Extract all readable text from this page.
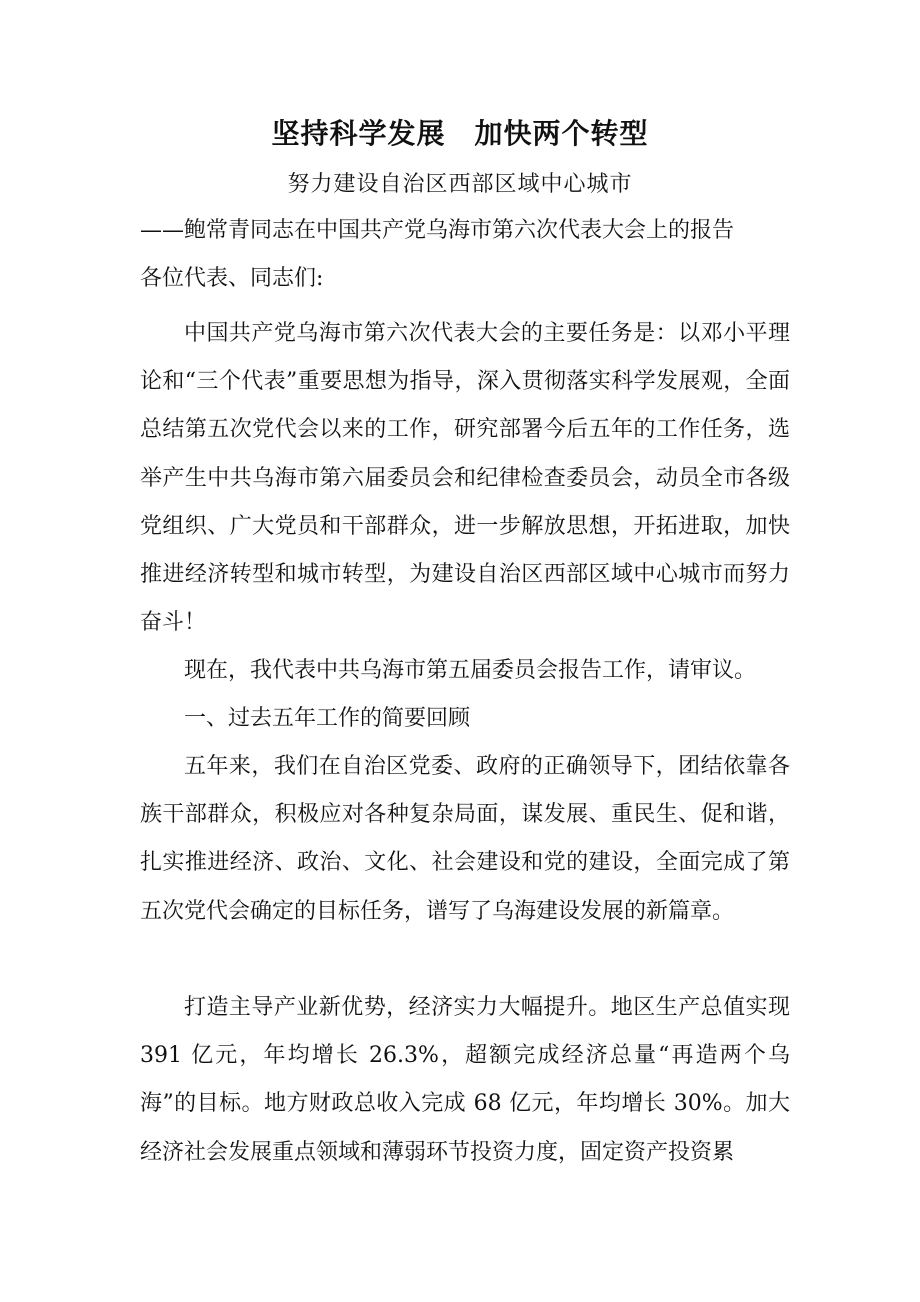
坚持科学发展　加快两个转型
努力建设自治区西部区域中心城市
——鲍常青同志在中国共产党乌海市第六次代表大会上的报告
各位代表、同志们:

中国共产党乌海市第六次代表大会的主要任务是：以邓小平理论和“三个代表”重要思想为指导，深入贯彻落实科学发展观，全面总结第五次党代会以来的工作，研究部署今后五年的工作任务，选举产生中共乌海市第六届委员会和纪律检查委员会，动员全市各级党组织、广大党员和干部群众，进一步解放思想，开拓进取，加快推进经济转型和城市转型，为建设自治区西部区域中心城市而努力奋斗！

现在，我代表中共乌海市第五届委员会报告工作，请审议。

一、过去五年工作的简要回顾

五年来，我们在自治区党委、政府的正确领导下，团结依靠各族干部群众，积极应对各种复杂局面，谋发展、重民生、促和谐，扎实推进经济、政治、文化、社会建设和党的建设，全面完成了第五次党代会确定的目标任务，谱写了乌海建设发展的新篇章。

打造主导产业新优势，经济实力大幅提升。地区生产总值实现 391 亿元，年均增长 26.3%，超额完成经济总量“再造两个乌海”的目标。地方财政总收入完成 68 亿元，年均增长 30%。加大经济社会发展重点领域和薄弱环节投资力度，固定资产投资累
